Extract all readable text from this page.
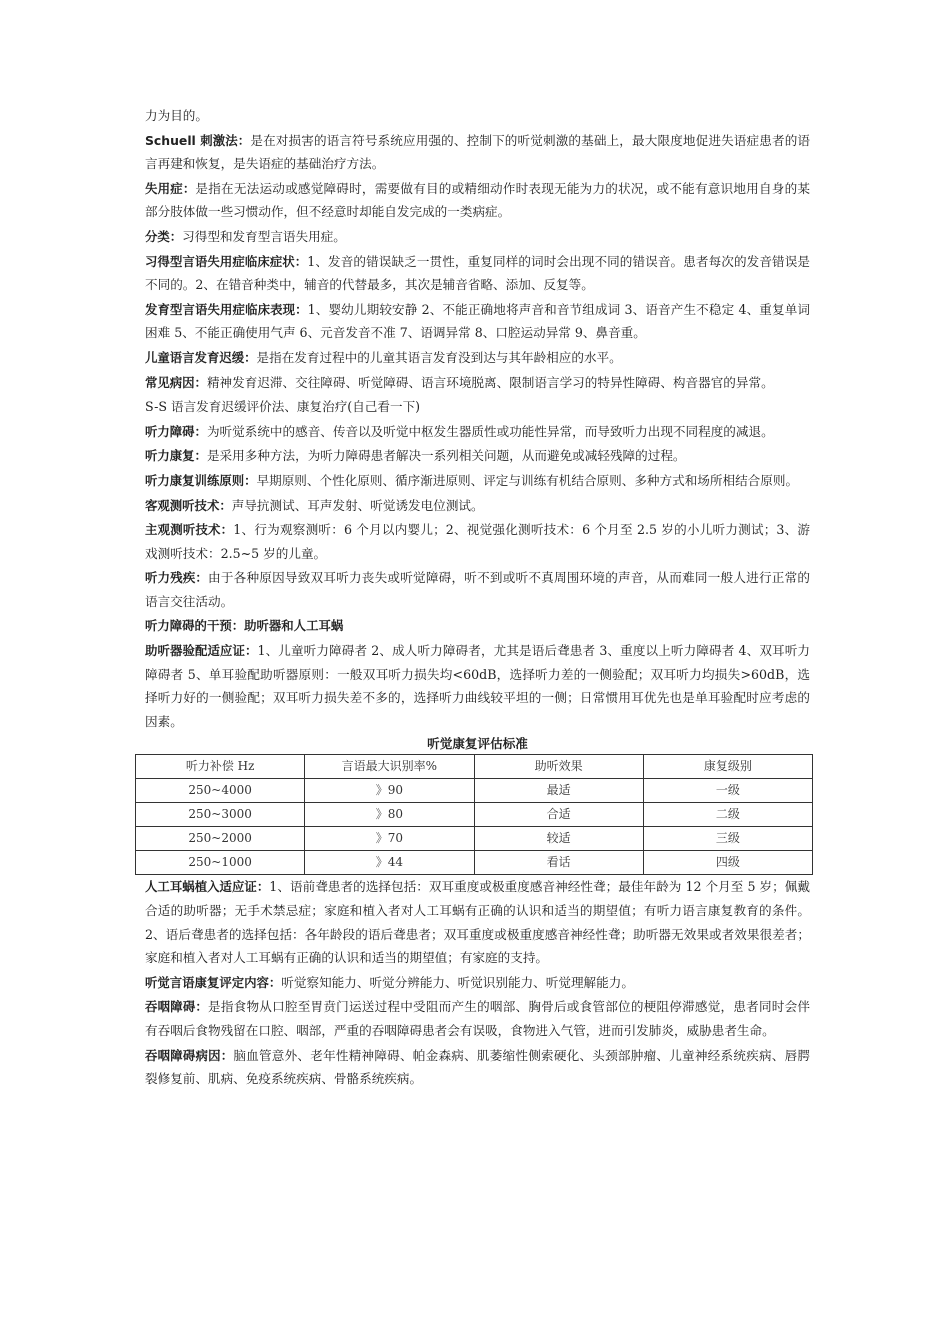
力为目的。

Schuell 刺激法：是在对损害的语言符号系统应用强的、控制下的听觉刺激的基础上，最大限度地促进失语症患者的语言再建和恢复，是失语症的基础治疗方法。

失用症：是指在无法运动或感觉障碍时，需要做有目的或精细动作时表现无能为力的状况，或不能有意识地用自身的某部分肢体做一些习惯动作，但不经意时却能自发完成的一类病症。

分类：习得型和发育型言语失用症。

习得型言语失用症临床症状：1、发音的错误缺乏一贯性，重复同样的词时会出现不同的错误音。患者每次的发音错误是不同的。2、在错音种类中，辅音的代替最多，其次是辅音省略、添加、反复等。

发育型言语失用症临床表现：1、婴幼儿期较安静 2、不能正确地将声音和音节组成词 3、语音产生不稳定 4、重复单词困难 5、不能正确使用气声 6、元音发音不准 7、语调异常 8、口腔运动异常 9、鼻音重。

儿童语言发育迟缓：是指在发育过程中的儿童其语言发育没到达与其年龄相应的水平。

常见病因：精神发育迟滞、交往障碍、听觉障碍、语言环境脱离、限制语言学习的特异性障碍、构音器官的异常。

S-S 语言发育迟缓评价法、康复治疗(自己看一下)

听力障碍：为听觉系统中的感音、传音以及听觉中枢发生器质性或功能性异常，而导致听力出现不同程度的减退。

听力康复：是采用多种方法，为听力障碍患者解决一系列相关问题，从而避免或减轻残障的过程。

听力康复训练原则：早期原则、个性化原则、循序渐进原则、评定与训练有机结合原则、多种方式和场所相结合原则。

客观测听技术：声导抗测试、耳声发射、听觉诱发电位测试。

主观测听技术：1、行为观察测听：6 个月以内婴儿；2、视觉强化测听技术：6 个月至 2.5 岁的小儿听力测试；3、游戏测听技术：2.5~5 岁的儿童。

听力残疾：由于各种原因导致双耳听力丧失或听觉障碍，听不到或听不真周围环境的声音，从而难同一般人进行正常的语言交往活动。

听力障碍的干预：助听器和人工耳蜗

助听器验配适应证：1、儿童听力障碍者 2、成人听力障碍者，尤其是语后聋患者 3、重度以上听力障碍者 4、双耳听力障碍者 5、单耳验配助听器原则：一般双耳听力损失均<60dB，选择听力差的一侧验配；双耳听力均损失>60dB，选择听力好的一侧验配；双耳听力损失差不多的，选择听力曲线较平坦的一侧；日常惯用耳优先也是单耳验配时应考虑的因素。

听觉康复评估标准
听力补偿 Hz	言语最大识别率%	助听效果	康复级别
250~4000	》90	最适	一级
250~3000	》80	合适	二级
250~2000	》70	较适	三级
250~1000	》44	看话	四级

人工耳蜗植入适应证：1、语前聋患者的选择包括：双耳重度或极重度感音神经性聋；最佳年龄为 12 个月至 5 岁；佩戴合适的助听器；无手术禁忌症；家庭和植入者对人工耳蜗有正确的认识和适当的期望值；有听力语言康复教育的条件。2、语后聋患者的选择包括：各年龄段的语后聋患者；双耳重度或极重度感音神经性聋；助听器无效果或者效果很差者；家庭和植入者对人工耳蜗有正确的认识和适当的期望值；有家庭的支持。

听觉言语康复评定内容：听觉察知能力、听觉分辨能力、听觉识别能力、听觉理解能力。

吞咽障碍：是指食物从口腔至胃贲门运送过程中受阻而产生的咽部、胸骨后或食管部位的梗阻停滞感觉，患者同时会伴有吞咽后食物残留在口腔、咽部，严重的吞咽障碍患者会有误吸，食物进入气管，进而引发肺炎，威胁患者生命。

吞咽障碍病因：脑血管意外、老年性精神障碍、帕金森病、肌萎缩性侧索硬化、头颈部肿瘤、儿童神经系统疾病、唇腭裂修复前、肌病、免疫系统疾病、骨骼系统疾病。
